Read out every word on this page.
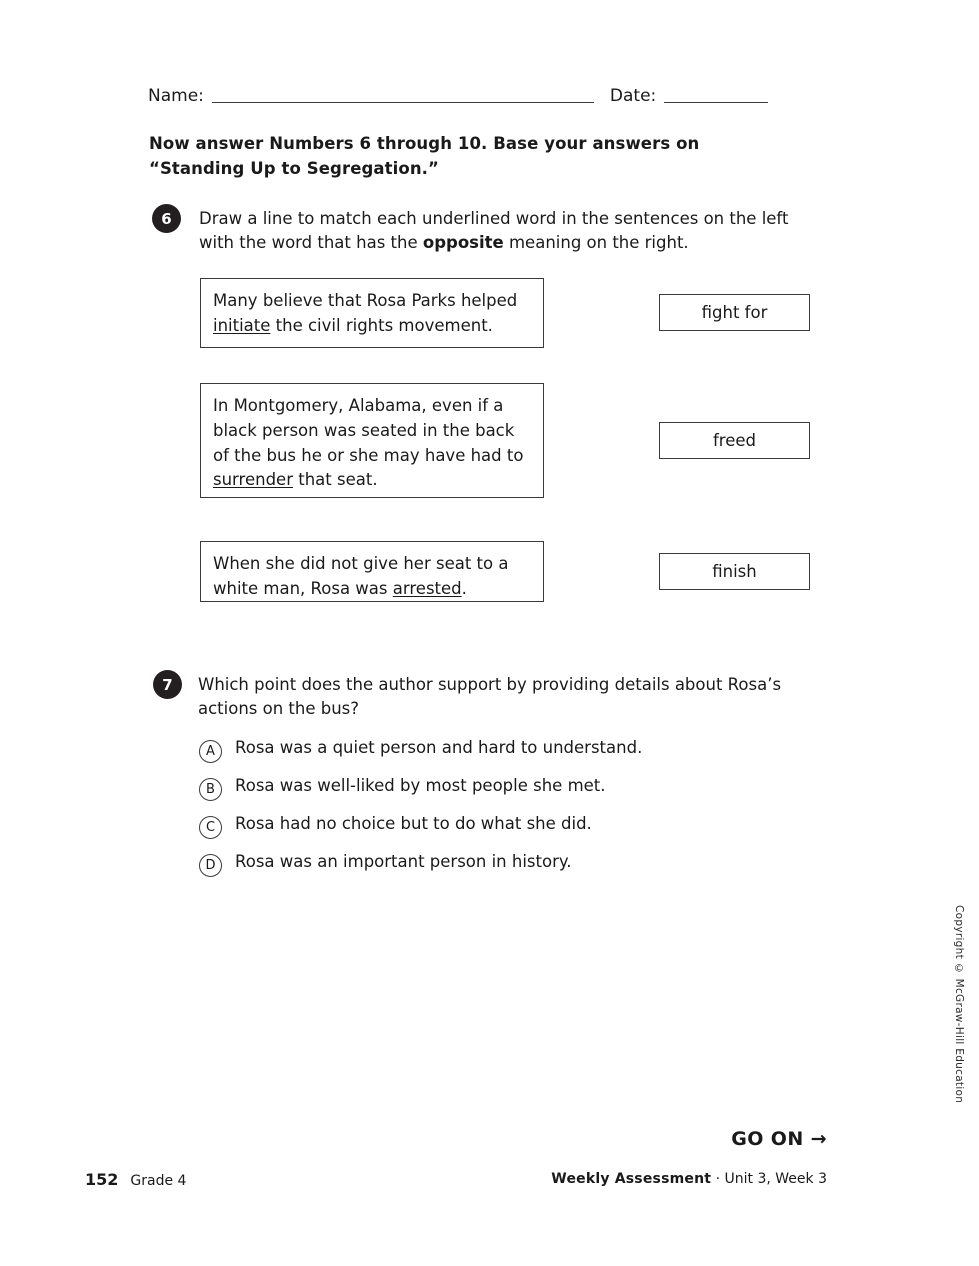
Name:	Date:
Now answer Numbers 6 through 10. Base your answers on “Standing Up to Segregation.”
6	Draw a line to match each underlined word in the sentences on the left with the word that has the opposite meaning on the right.
Many believe that Rosa Parks helped initiate the civil rights movement.
In Montgomery, Alabama, even if a black person was seated in the back of the bus he or she may have had to surrender that seat.
When she did not give her seat to a white man, Rosa was arrested.
fight for
freed
finish
7	Which point does the author support by providing details about Rosa’s actions on the bus?
A	Rosa was a quiet person and hard to understand.
B	Rosa was well-liked by most people she met.
C	Rosa had no choice but to do what she did.
D	Rosa was an important person in history.
Copyright © McGraw-Hill Education
GO ON →
152 Grade 4	Weekly Assessment · Unit 3, Week 3
